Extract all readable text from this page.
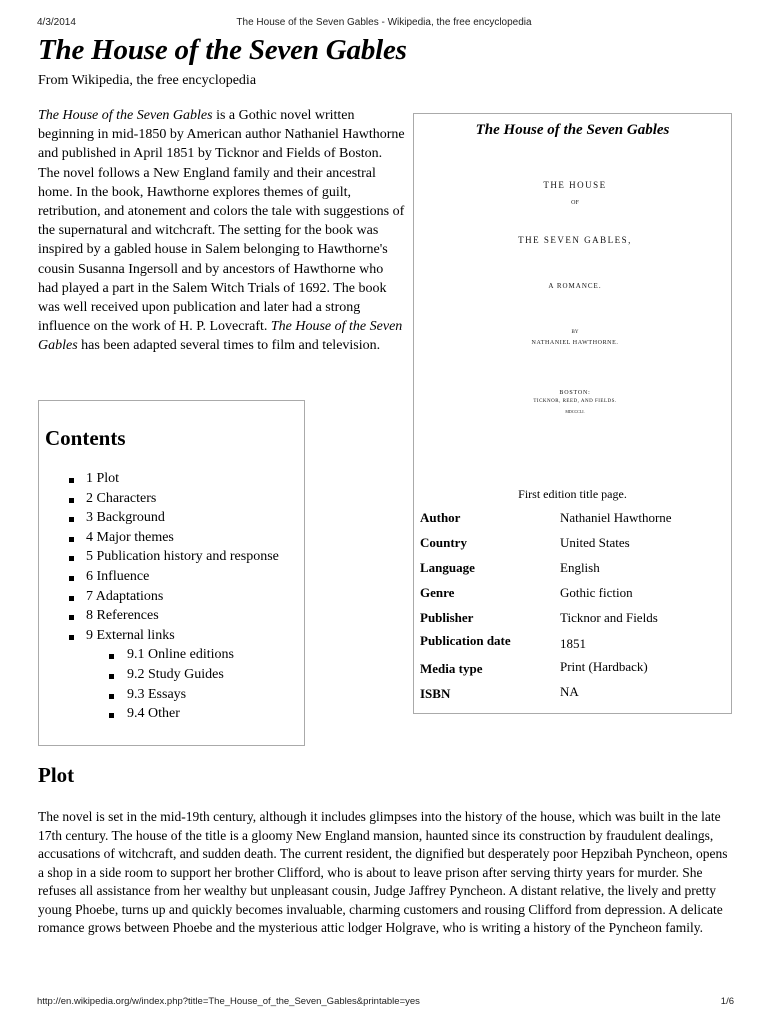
4/3/2014	The House of the Seven Gables - Wikipedia, the free encyclopedia
The House of the Seven Gables
From Wikipedia, the free encyclopedia

The House of the Seven Gables is a Gothic novel written beginning in mid-1850 by American author Nathaniel Hawthorne and published in April 1851 by Ticknor and Fields of Boston. The novel follows a New England family and their ancestral home. In the book, Hawthorne explores themes of guilt, retribution, and atonement and colors the tale with suggestions of the supernatural and witchcraft. The setting for the book was inspired by a gabled house in Salem belonging to Hawthorne's cousin Susanna Ingersoll and by ancestors of Hawthorne who had played a part in the Salem Witch Trials of 1692. The book was well received upon publication and later had a strong influence on the work of H. P. Lovecraft. The House of the Seven Gables has been adapted several times to film and television.

The House of the Seven Gables
THE HOUSE
OF
THE SEVEN GABLES,
A ROMANCE.
BY
NATHANIEL HAWTHORNE.
BOSTON:
TICKNOR, REED, AND FIELDS.
MDCCCLI.
First edition title page.
Author	Nathaniel Hawthorne
Country	United States
Language	English
Genre	Gothic fiction
Publisher	Ticknor and Fields
Publication date	1851
Media type	Print (Hardback)
ISBN	NA
Contents
1 Plot
2 Characters
3 Background
4 Major themes
5 Publication history and response
6 Influence
7 Adaptations
8 References
9 External links
9.1 Online editions
9.2 Study Guides
9.3 Essays
9.4 Other
Plot

The novel is set in the mid-19th century, although it includes glimpses into the history of the house, which was built in the late 17th century. The house of the title is a gloomy New England mansion, haunted since its construction by fraudulent dealings, accusations of witchcraft, and sudden death. The current resident, the dignified but desperately poor Hepzibah Pyncheon, opens a shop in a side room to support her brother Clifford, who is about to leave prison after serving thirty years for murder. She refuses all assistance from her wealthy but unpleasant cousin, Judge Jaffrey Pyncheon. A distant relative, the lively and pretty young Phoebe, turns up and quickly becomes invaluable, charming customers and rousing Clifford from depression. A delicate romance grows between Phoebe and the mysterious attic lodger Holgrave, who is writing a history of the Pyncheon family.

http://en.wikipedia.org/w/index.php?title=The_House_of_the_Seven_Gables&printable=yes	1/6
